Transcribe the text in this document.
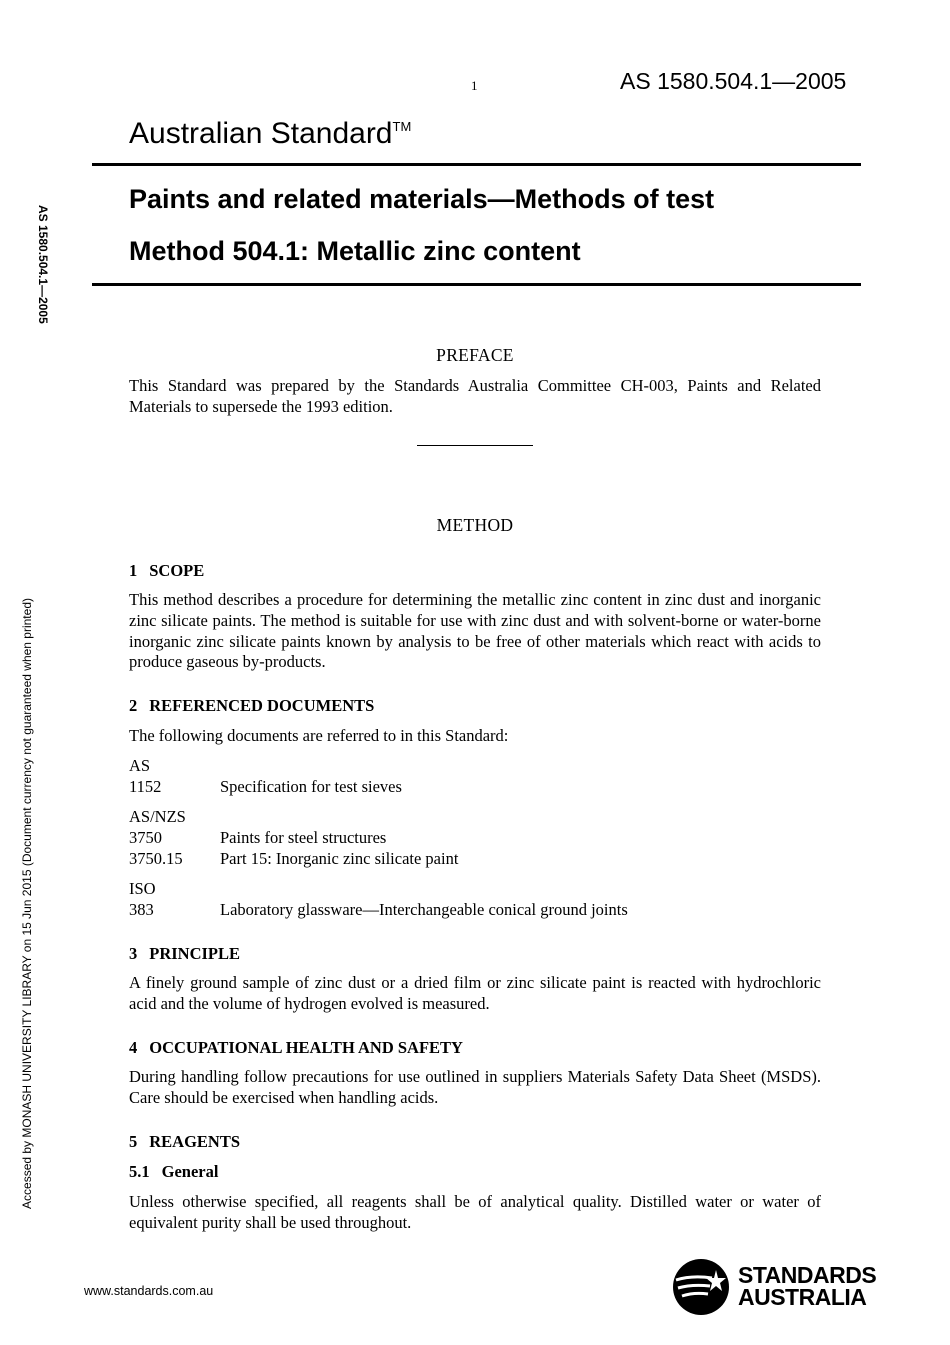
1	AS 1580.504.1—2005
Australian Standard™
Paints and related materials—Methods of test
Method 504.1: Metallic zinc content
AS 1580.504.1—2005
Accessed by MONASH UNIVERSITY LIBRARY on 15 Jun 2015 (Document currency not guaranteed when printed)
PREFACE
This Standard was prepared by the Standards Australia Committee CH-003, Paints and Related Materials to supersede the 1993 edition.
METHOD
1 SCOPE
This method describes a procedure for determining the metallic zinc content in zinc dust and inorganic zinc silicate paints. The method is suitable for use with zinc dust and with solvent-borne or water-borne inorganic zinc silicate paints known by analysis to be free of other materials which react with acids to produce gaseous by-products.
2 REFERENCED DOCUMENTS
The following documents are referred to in this Standard:
AS
1152	Specification for test sieves
AS/NZS
3750	Paints for steel structures
3750.15 Part 15: Inorganic zinc silicate paint
ISO
383	Laboratory glassware—Interchangeable conical ground joints
3 PRINCIPLE
A finely ground sample of zinc dust or a dried film or zinc silicate paint is reacted with hydrochloric acid and the volume of hydrogen evolved is measured.
4 OCCUPATIONAL HEALTH AND SAFETY
During handling follow precautions for use outlined in suppliers Materials Safety Data Sheet (MSDS). Care should be exercised when handling acids.
5 REAGENTS
5.1 General
Unless otherwise specified, all reagents shall be of analytical quality. Distilled water or water of equivalent purity shall be used throughout.
www.standards.com.au
STANDARDS
AUSTRALIA
